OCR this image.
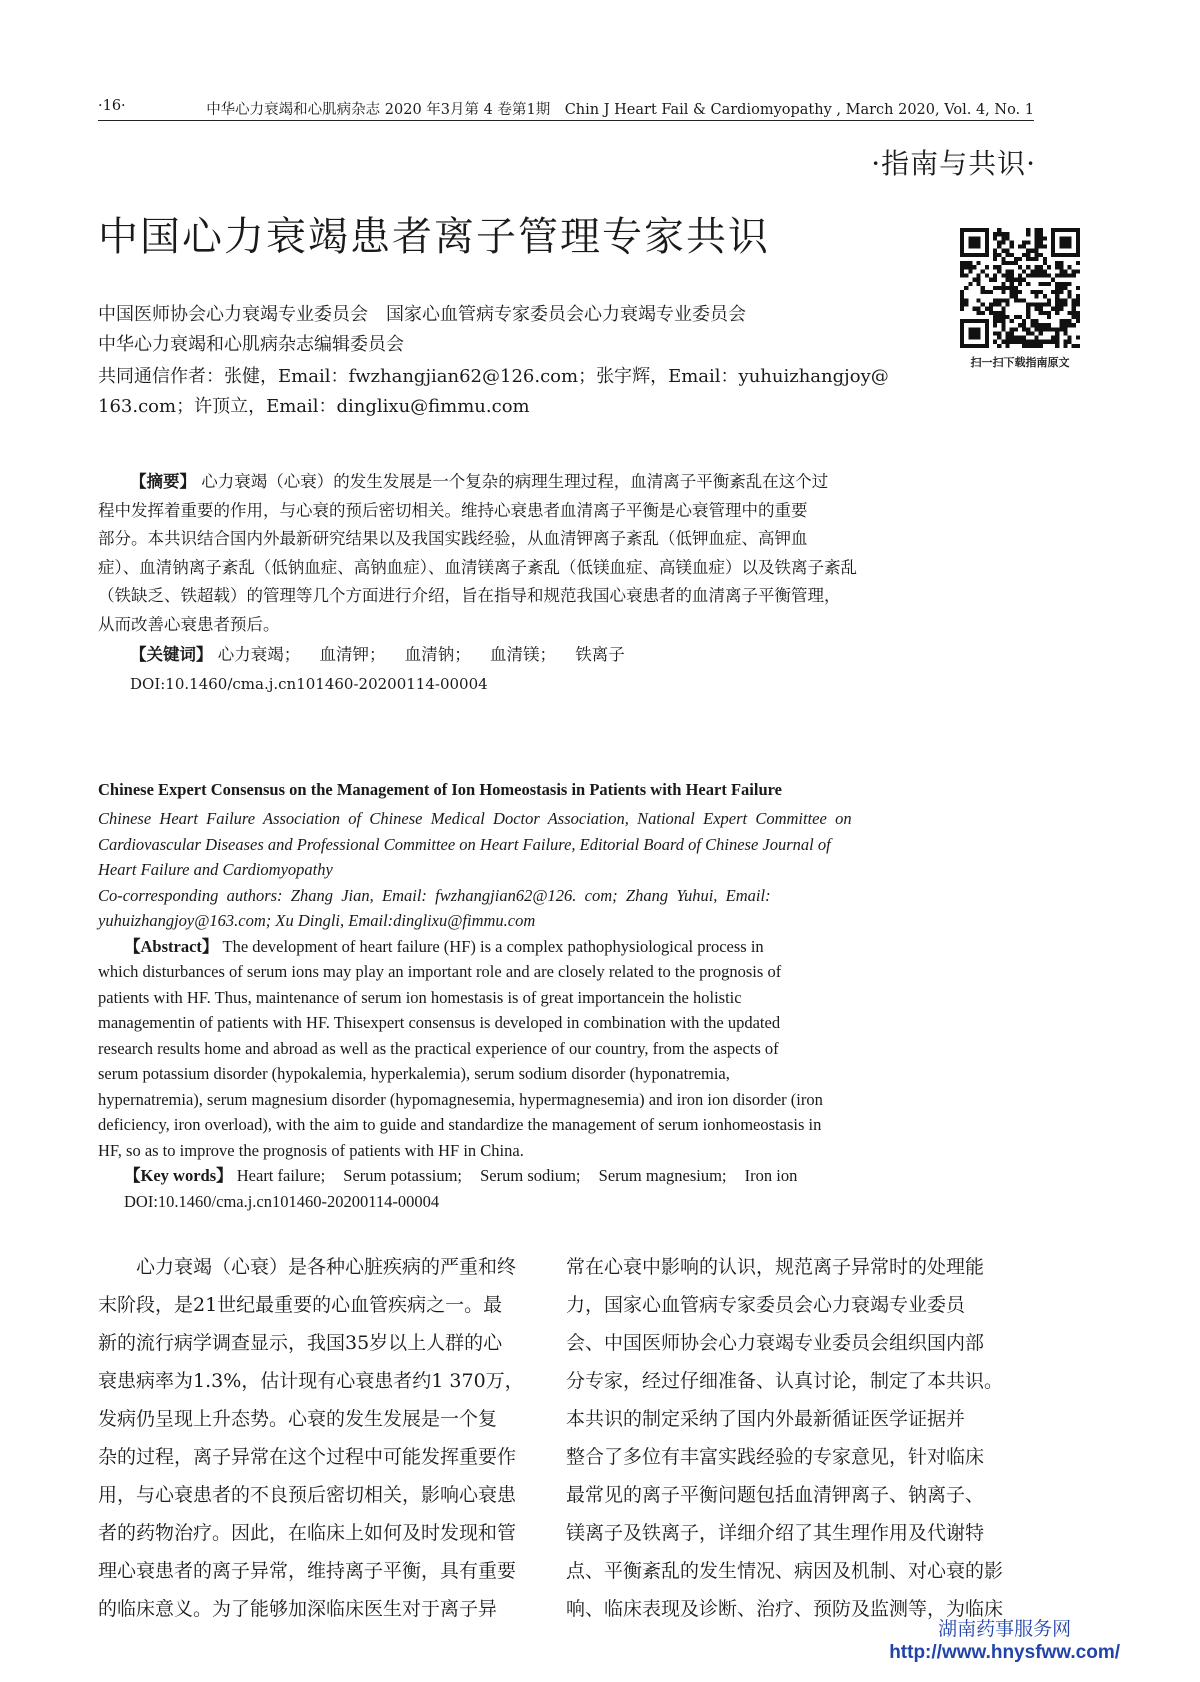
·16·	中华心力衰竭和心肌病杂志 2020 年3月第 4 卷第1期　Chin J Heart Fail & Cardiomyopathy , March 2020, Vol. 4, No. 1
·指南与共识·
中国心力衰竭患者离子管理专家共识
扫一扫下载指南原文
中国医师协会心力衰竭专业委员会　国家心血管病专家委员会心力衰竭专业委员会
中华心力衰竭和心肌病杂志编辑委员会
共同通信作者：张健，Email：fwzhangjian62@126.com；张宇辉，Email：yuhuizhangjoy@
163.com；许顶立，Email：dinglixu@fimmu.com
【摘要】 心力衰竭（心衰）的发生发展是一个复杂的病理生理过程，血清离子平衡紊乱在这个过
程中发挥着重要的作用，与心衰的预后密切相关。维持心衰患者血清离子平衡是心衰管理中的重要
部分。本共识结合国内外最新研究结果以及我国实践经验，从血清钾离子紊乱（低钾血症、高钾血
症）、血清钠离子紊乱（低钠血症、高钠血症）、血清镁离子紊乱（低镁血症、高镁血症）以及铁离子紊乱
（铁缺乏、铁超载）的管理等几个方面进行介绍，旨在指导和规范我国心衰患者的血清离子平衡管理，
从而改善心衰患者预后。
【关键词】 心力衰竭； 血清钾； 血清钠； 血清镁； 铁离子
DOI:10.1460/cma.j.cn101460-20200114-00004
Chinese Expert Consensus on the Management of Ion Homeostasis in Patients with Heart Failure
Chinese  Heart  Failure  Association  of  Chinese  Medical  Doctor  Association,  National  Expert  Committee  on
Cardiovascular Diseases and Professional Committee on Heart Failure, Editorial Board of Chinese Journal of
Heart Failure and Cardiomyopathy
Co-corresponding  authors:  Zhang  Jian,  Email:  fwzhangjian62@126.  com;  Zhang  Yuhui,  Email:
yuhuizhangjoy@163.com; Xu Dingli, Email:dinglixu@fimmu.com
【Abstract】 The development of heart failure (HF) is a complex pathophysiological process in
which disturbances of serum ions may play an important role and are closely related to the prognosis of
patients with HF. Thus, maintenance of serum ion homestasis is of great importancein the holistic
managementin of patients with HF. Thisexpert consensus is developed in combination with the updated
research results home and abroad as well as the practical experience of our country, from the aspects of
serum potassium disorder (hypokalemia, hyperkalemia), serum sodium disorder (hyponatremia,
hypernatremia), serum magnesium disorder (hypomagnesemia, hypermagnesemia) and iron ion disorder (iron
deficiency, iron overload), with the aim to guide and standardize the management of serum ionhomeostasis in
HF, so as to improve the prognosis of patients with HF in China.
【Key words】 Heart failure; Serum potassium; Serum sodium; Serum magnesium; Iron ion
DOI:10.1460/cma.j.cn101460-20200114-00004
　　心力衰竭（心衰）是各种心脏疾病的严重和终
末阶段，是21世纪最重要的心血管疾病之一。最
新的流行病学调查显示，我国35岁以上人群的心
衰患病率为1.3%，估计现有心衰患者约1 370万，
发病仍呈现上升态势。心衰的发生发展是一个复
杂的过程，离子异常在这个过程中可能发挥重要作
用，与心衰患者的不良预后密切相关，影响心衰患
者的药物治疗。因此，在临床上如何及时发现和管
理心衰患者的离子异常，维持离子平衡，具有重要
的临床意义。为了能够加深临床医生对于离子异
常在心衰中影响的认识，规范离子异常时的处理能
力，国家心血管病专家委员会心力衰竭专业委员
会、中国医师协会心力衰竭专业委员会组织国内部
分专家，经过仔细准备、认真讨论，制定了本共识。
本共识的制定采纳了国内外最新循证医学证据并
整合了多位有丰富实践经验的专家意见，针对临床
最常见的离子平衡问题包括血清钾离子、钠离子、
镁离子及铁离子，详细介绍了其生理作用及代谢特
点、平衡紊乱的发生情况、病因及机制、对心衰的影
响、临床表现及诊断、治疗、预防及监测等，为临床
湖南药事服务网
http://www.hnysfww.com/
